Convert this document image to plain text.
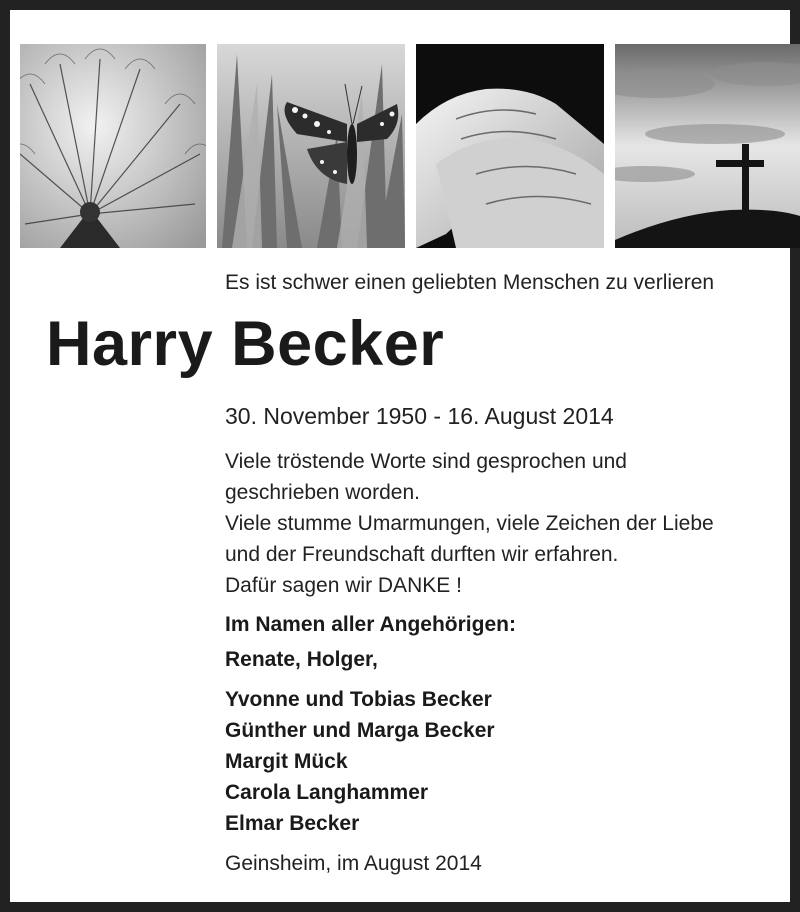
Es ist schwer einen geliebten Menschen zu verlieren

Harry Becker

30. November 1950 - 16. August 2014

Viele tröstende Worte sind gesprochen und
geschrieben worden.
Viele stumme Umarmungen, viele Zeichen der Liebe
und der Freundschaft durften wir erfahren.
Dafür sagen wir DANKE !

Im Namen aller Angehörigen:

Renate, Holger,

Yvonne und Tobias Becker
Günther und Marga Becker
Margit Mück
Carola Langhammer
Elmar Becker

Geinsheim, im August 2014
